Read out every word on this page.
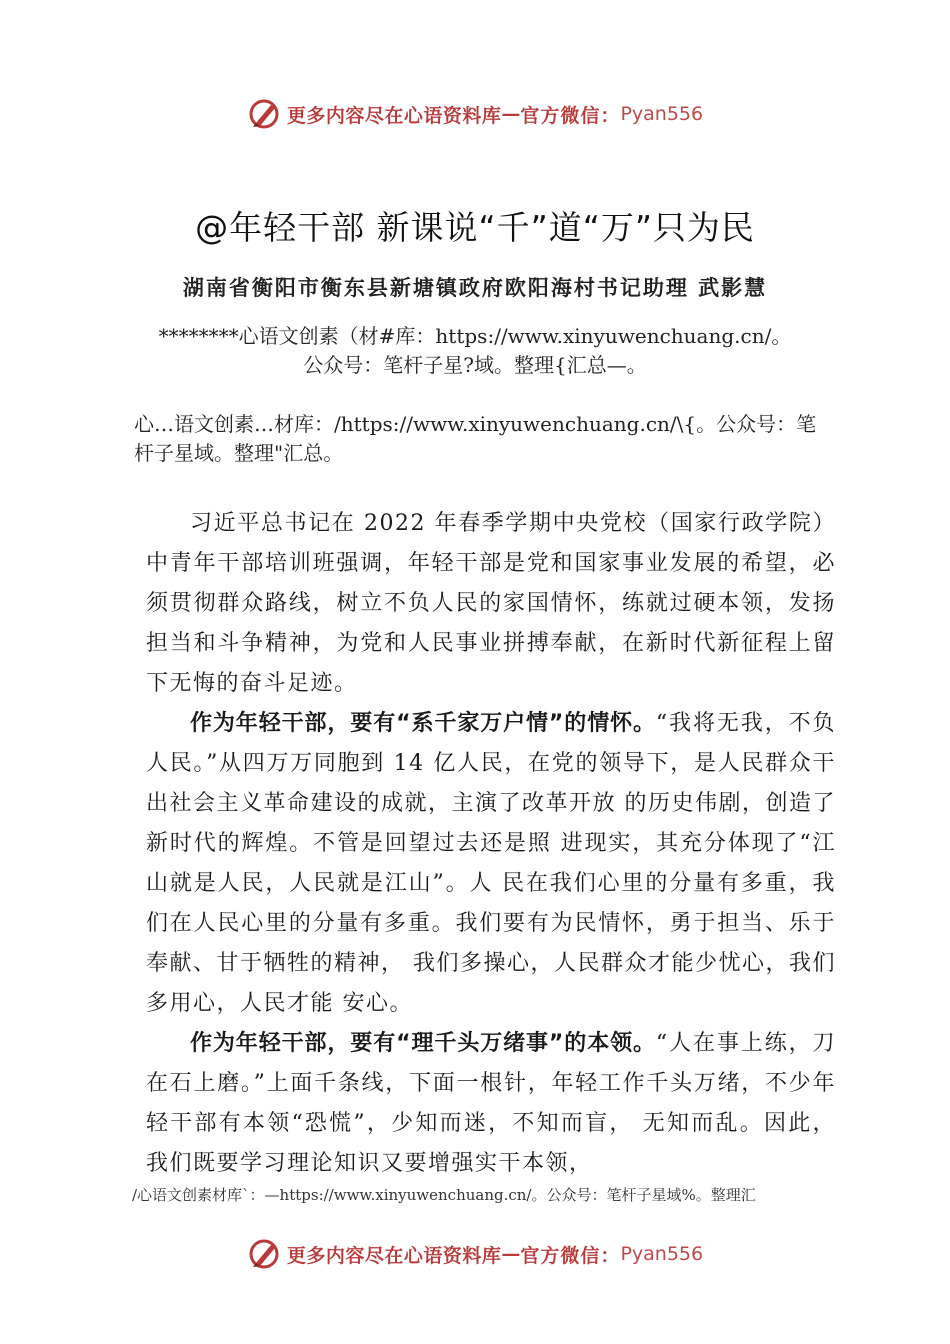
更多内容尽在心语资料库 — 官方微信： Pyan556
@年轻干部 新课说“千”道“万”只为民
湖南省衡阳市衡东县新塘镇政府欧阳海村书记助理 武影慧
********心语文创素（材#库：https://www.xinyuwenchuang.cn/。公众号：笔杆子星?域。整理{汇总—。
心…语文创素…材库：/https://www.xinyuwenchuang.cn/\{。公众号：笔杆子星域。整理"汇总。

习近平总书记在 2022 年春季学期中央党校（国家行政学院）中青年干部培训班强调，年轻干部是党和国家事业发展的希望，必须贯彻群众路线，树立不负人民的家国情怀，练就过硬本领，发扬担当和斗争精神，为党和人民事业拼搏奉献，在新时代新征程上留下无悔的奋斗足迹。

作为年轻干部，要有“系千家万户情”的情怀。“我将无我，不负人民。”从四万万同胞到 14 亿人民，在党的领导下，是人民群众干出社会主义革命建设的成就，主演了改革开放 的历史伟剧，创造了新时代的辉煌。不管是回望过去还是照 进现实，其充分体现了“江山就是人民，人民就是江山”。人 民在我们心里的分量有多重，我们在人民心里的分量有多重。我们要有为民情怀，勇于担当、乐于奉献、甘于牺牲的精神， 我们多操心，人民群众才能少忧心，我们多用心，人民才能 安心。

作为年轻干部，要有“理千头万绪事”的本领。“人在事上练，刀在石上磨。”上面千条线，下面一根针，年轻工作千头万绪，不少年轻干部有本领“恐慌”，少知而迷，不知而盲， 无知而乱。因此，我们既要学习理论知识又要增强实干本领，

/心语文创素材库`：—https://www.xinyuwenchuang.cn/。公众号：笔杆子星域%。整理汇
更多内容尽在心语资料库 — 官方微信： Pyan556
